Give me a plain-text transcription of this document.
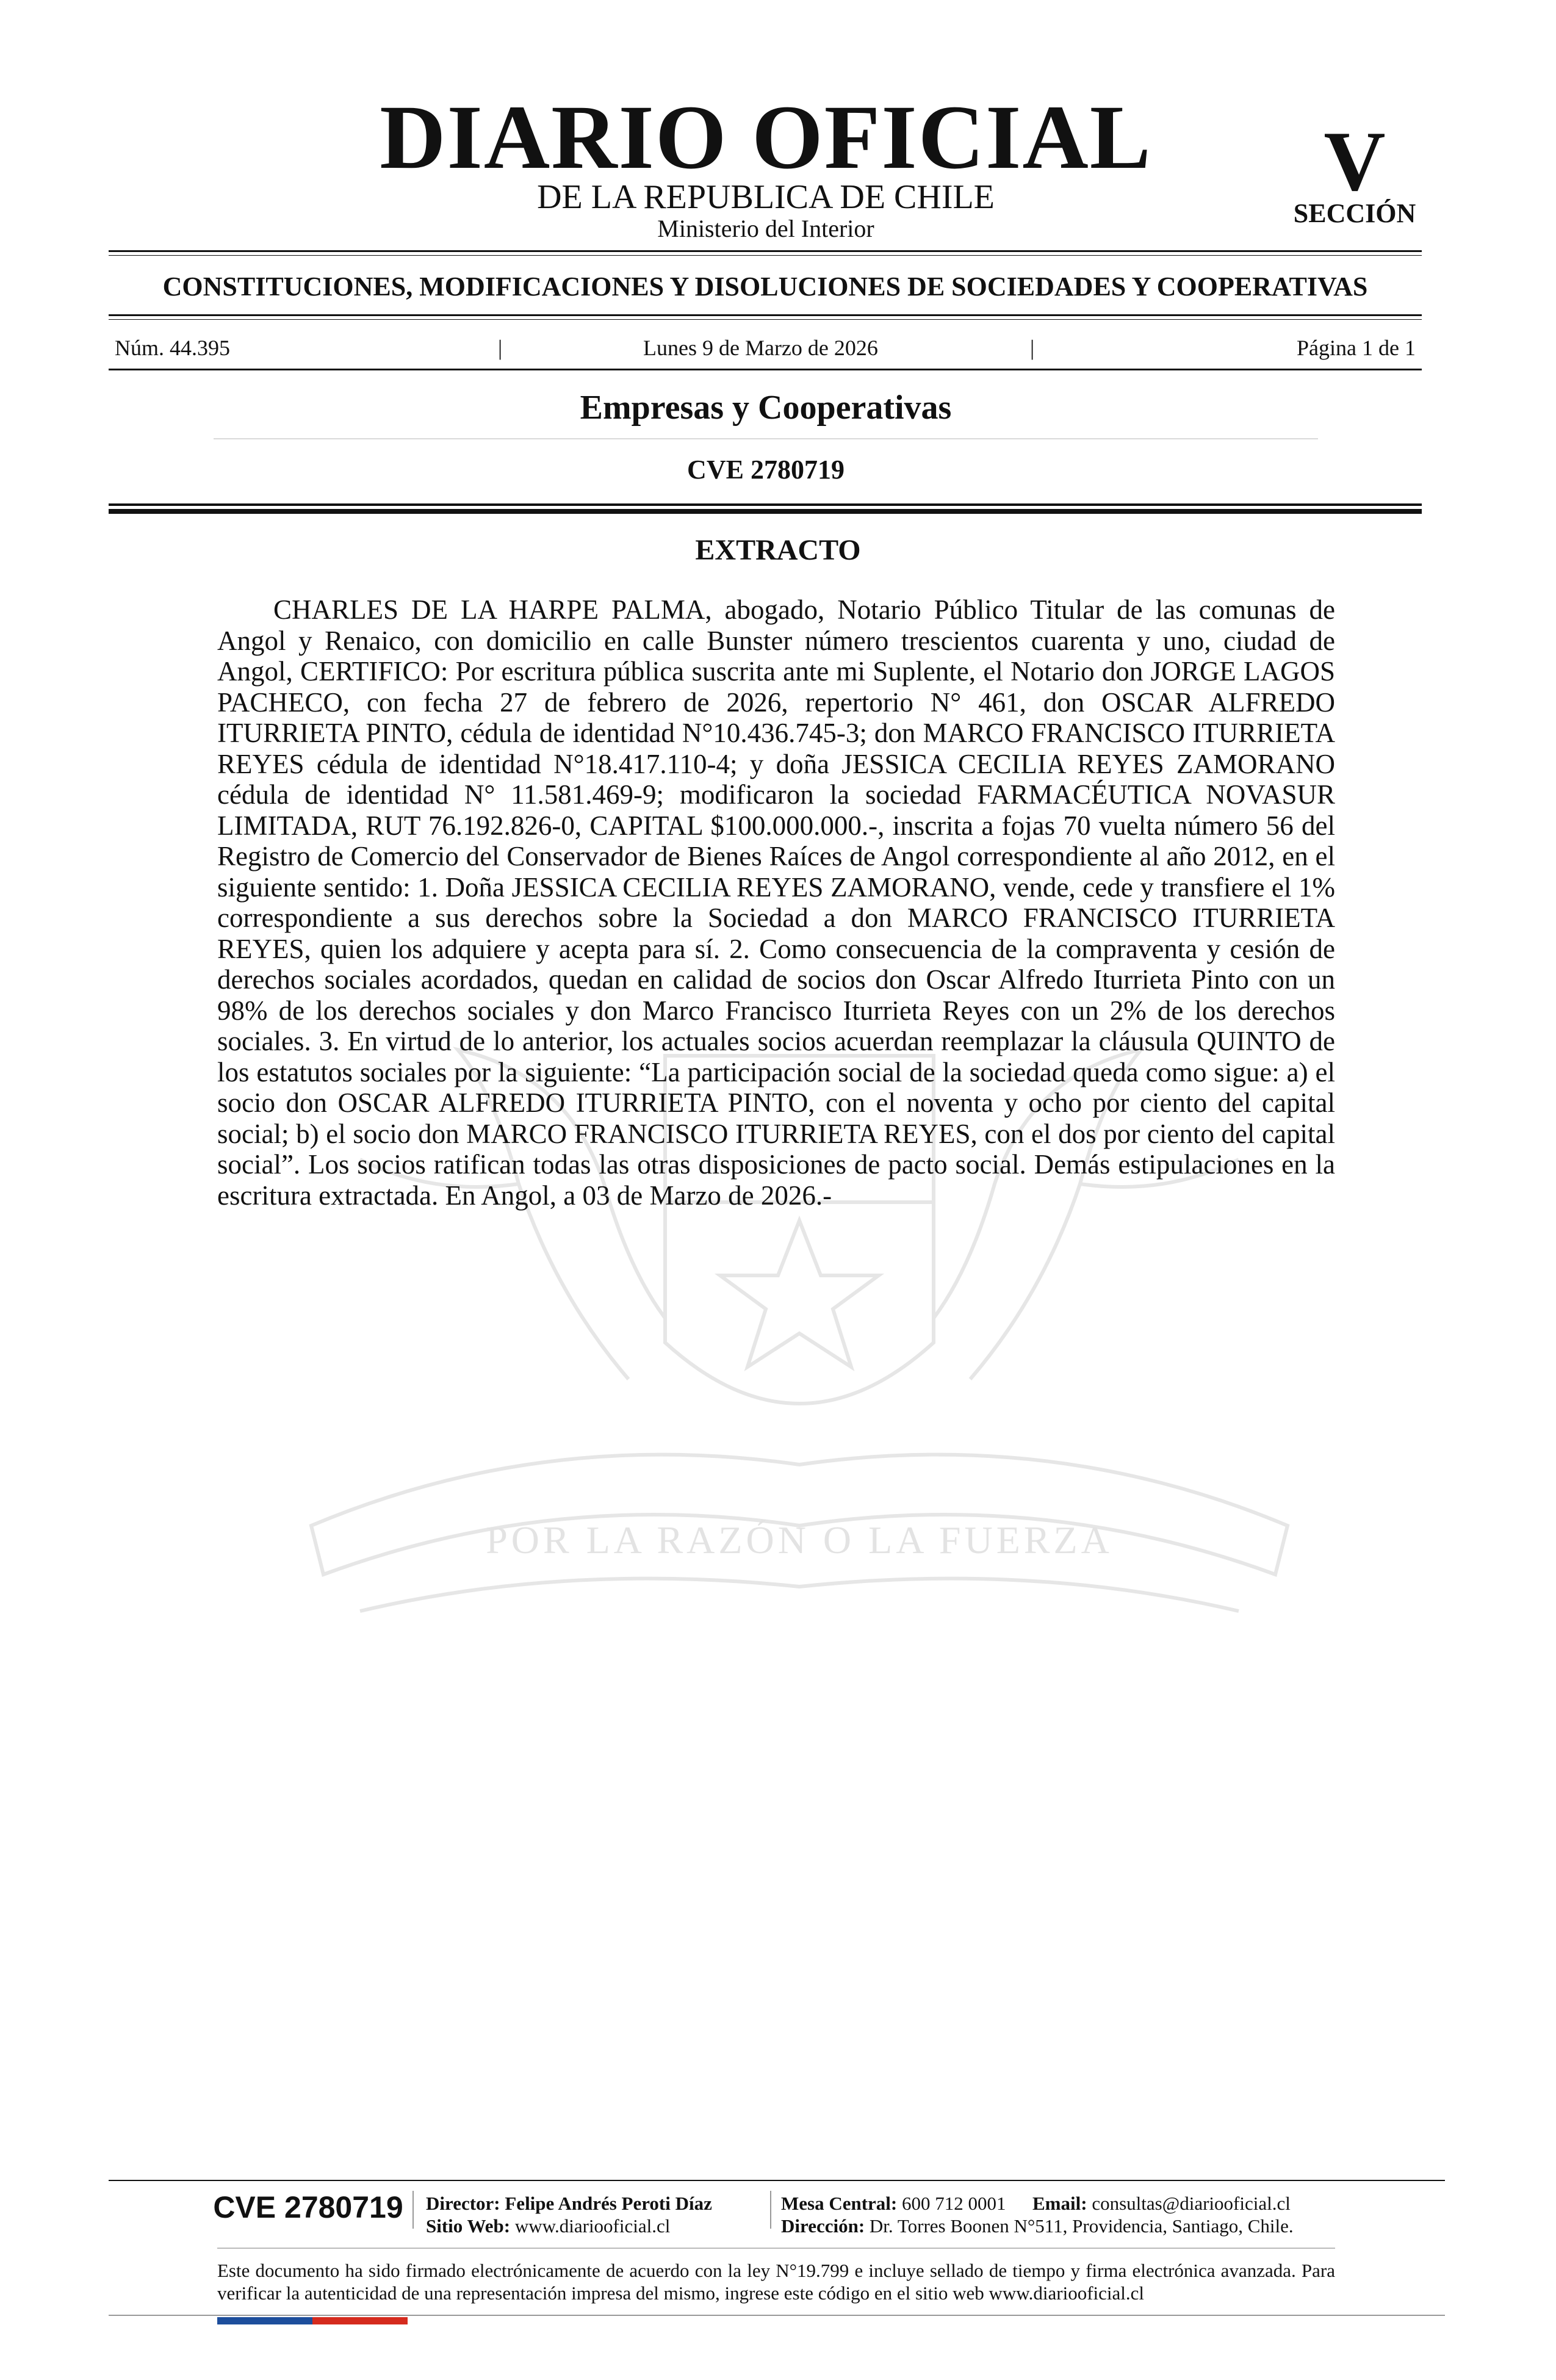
DIARIO OFICIAL
DE LA REPUBLICA DE CHILE
Ministerio del Interior
V
SECCIÓN
CONSTITUCIONES, MODIFICACIONES Y DISOLUCIONES DE SOCIEDADES Y COOPERATIVAS
Núm. 44.395	|	Lunes 9 de Marzo de 2026	|	Página 1 de 1
Empresas y Cooperativas
CVE 2780719
POR LA RAZÓN O LA FUERZA
EXTRACTO

CHARLES DE LA HARPE PALMA, abogado, Notario Público Titular de las comunas de Angol y Renaico, con domicilio en calle Bunster número trescientos cuarenta y uno, ciudad de Angol, CERTIFICO: Por escritura pública suscrita ante mi Suplente, el Notario don JORGE LAGOS PACHECO, con fecha 27 de febrero de 2026, repertorio N° 461, don OSCAR ALFREDO ITURRIETA PINTO, cédula de identidad N°10.436.745-3; don MARCO FRANCISCO ITURRIETA REYES cédula de identidad N°18.417.110-4; y doña JESSICA CECILIA REYES ZAMORANO cédula de identidad N° 11.581.469-9; modificaron la sociedad FARMACÉUTICA NOVASUR LIMITADA, RUT 76.192.826-0, CAPITAL $100.000.000.-, inscrita a fojas 70 vuelta número 56 del Registro de Comercio del Conservador de Bienes Raíces de Angol correspondiente al año 2012, en el siguiente sentido: 1. Doña JESSICA CECILIA REYES ZAMORANO, vende, cede y transfiere el 1% correspondiente a sus derechos sobre la Sociedad a don MARCO FRANCISCO ITURRIETA REYES, quien los adquiere y acepta para sí. 2. Como consecuencia de la compraventa y cesión de derechos sociales acordados, quedan en calidad de socios don Oscar Alfredo Iturrieta Pinto con un 98% de los derechos sociales y don Marco Francisco Iturrieta Reyes con un 2% de los derechos sociales. 3. En virtud de lo anterior, los actuales socios acuerdan reemplazar la cláusula QUINTO de los estatutos sociales por la siguiente: “La participación social de la sociedad queda como sigue: a) el socio don OSCAR ALFREDO ITURRIETA PINTO, con el noventa y ocho por ciento del capital social; b) el socio don MARCO FRANCISCO ITURRIETA REYES, con el dos por ciento del capital social”. Los socios ratifican todas las otras disposiciones de pacto social. Demás estipulaciones en la escritura extractada. En Angol, a 03 de Marzo de 2026.-

CVE 2780719	Director: Felipe Andrés Peroti Díaz
Sitio Web: www.diariooficial.cl
Mesa Central: 600 712 0001 Email: consultas@diariooficial.cl
Dirección: Dr. Torres Boonen N°511, Providencia, Santiago, Chile.

Este documento ha sido firmado electrónicamente de acuerdo con la ley N°19.799 e incluye sellado de tiempo y firma electrónica avanzada. Para verificar la autenticidad de una representación impresa del mismo, ingrese este código en el sitio web www.diariooficial.cl
